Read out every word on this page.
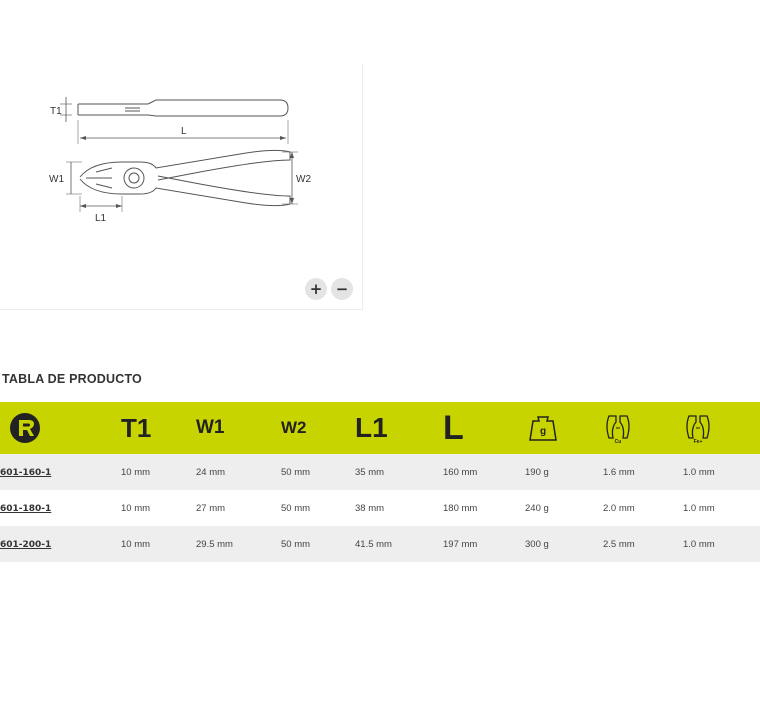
T1
L
W1	W2
L1
+ −
TABLA DE PRODUCTO
	T1	W1	W2	L1	L	g	Cu	Fe+

601-160-1	10 mm	24 mm	50 mm	35 mm	160 mm	190 g	1.6 mm	1.0 mm
601-180-1	10 mm	27 mm	50 mm	38 mm	180 mm	240 g	2.0 mm	1.0 mm
601-200-1	10 mm	29.5 mm	50 mm	41.5 mm	197 mm	300 g	2.5 mm	1.0 mm
